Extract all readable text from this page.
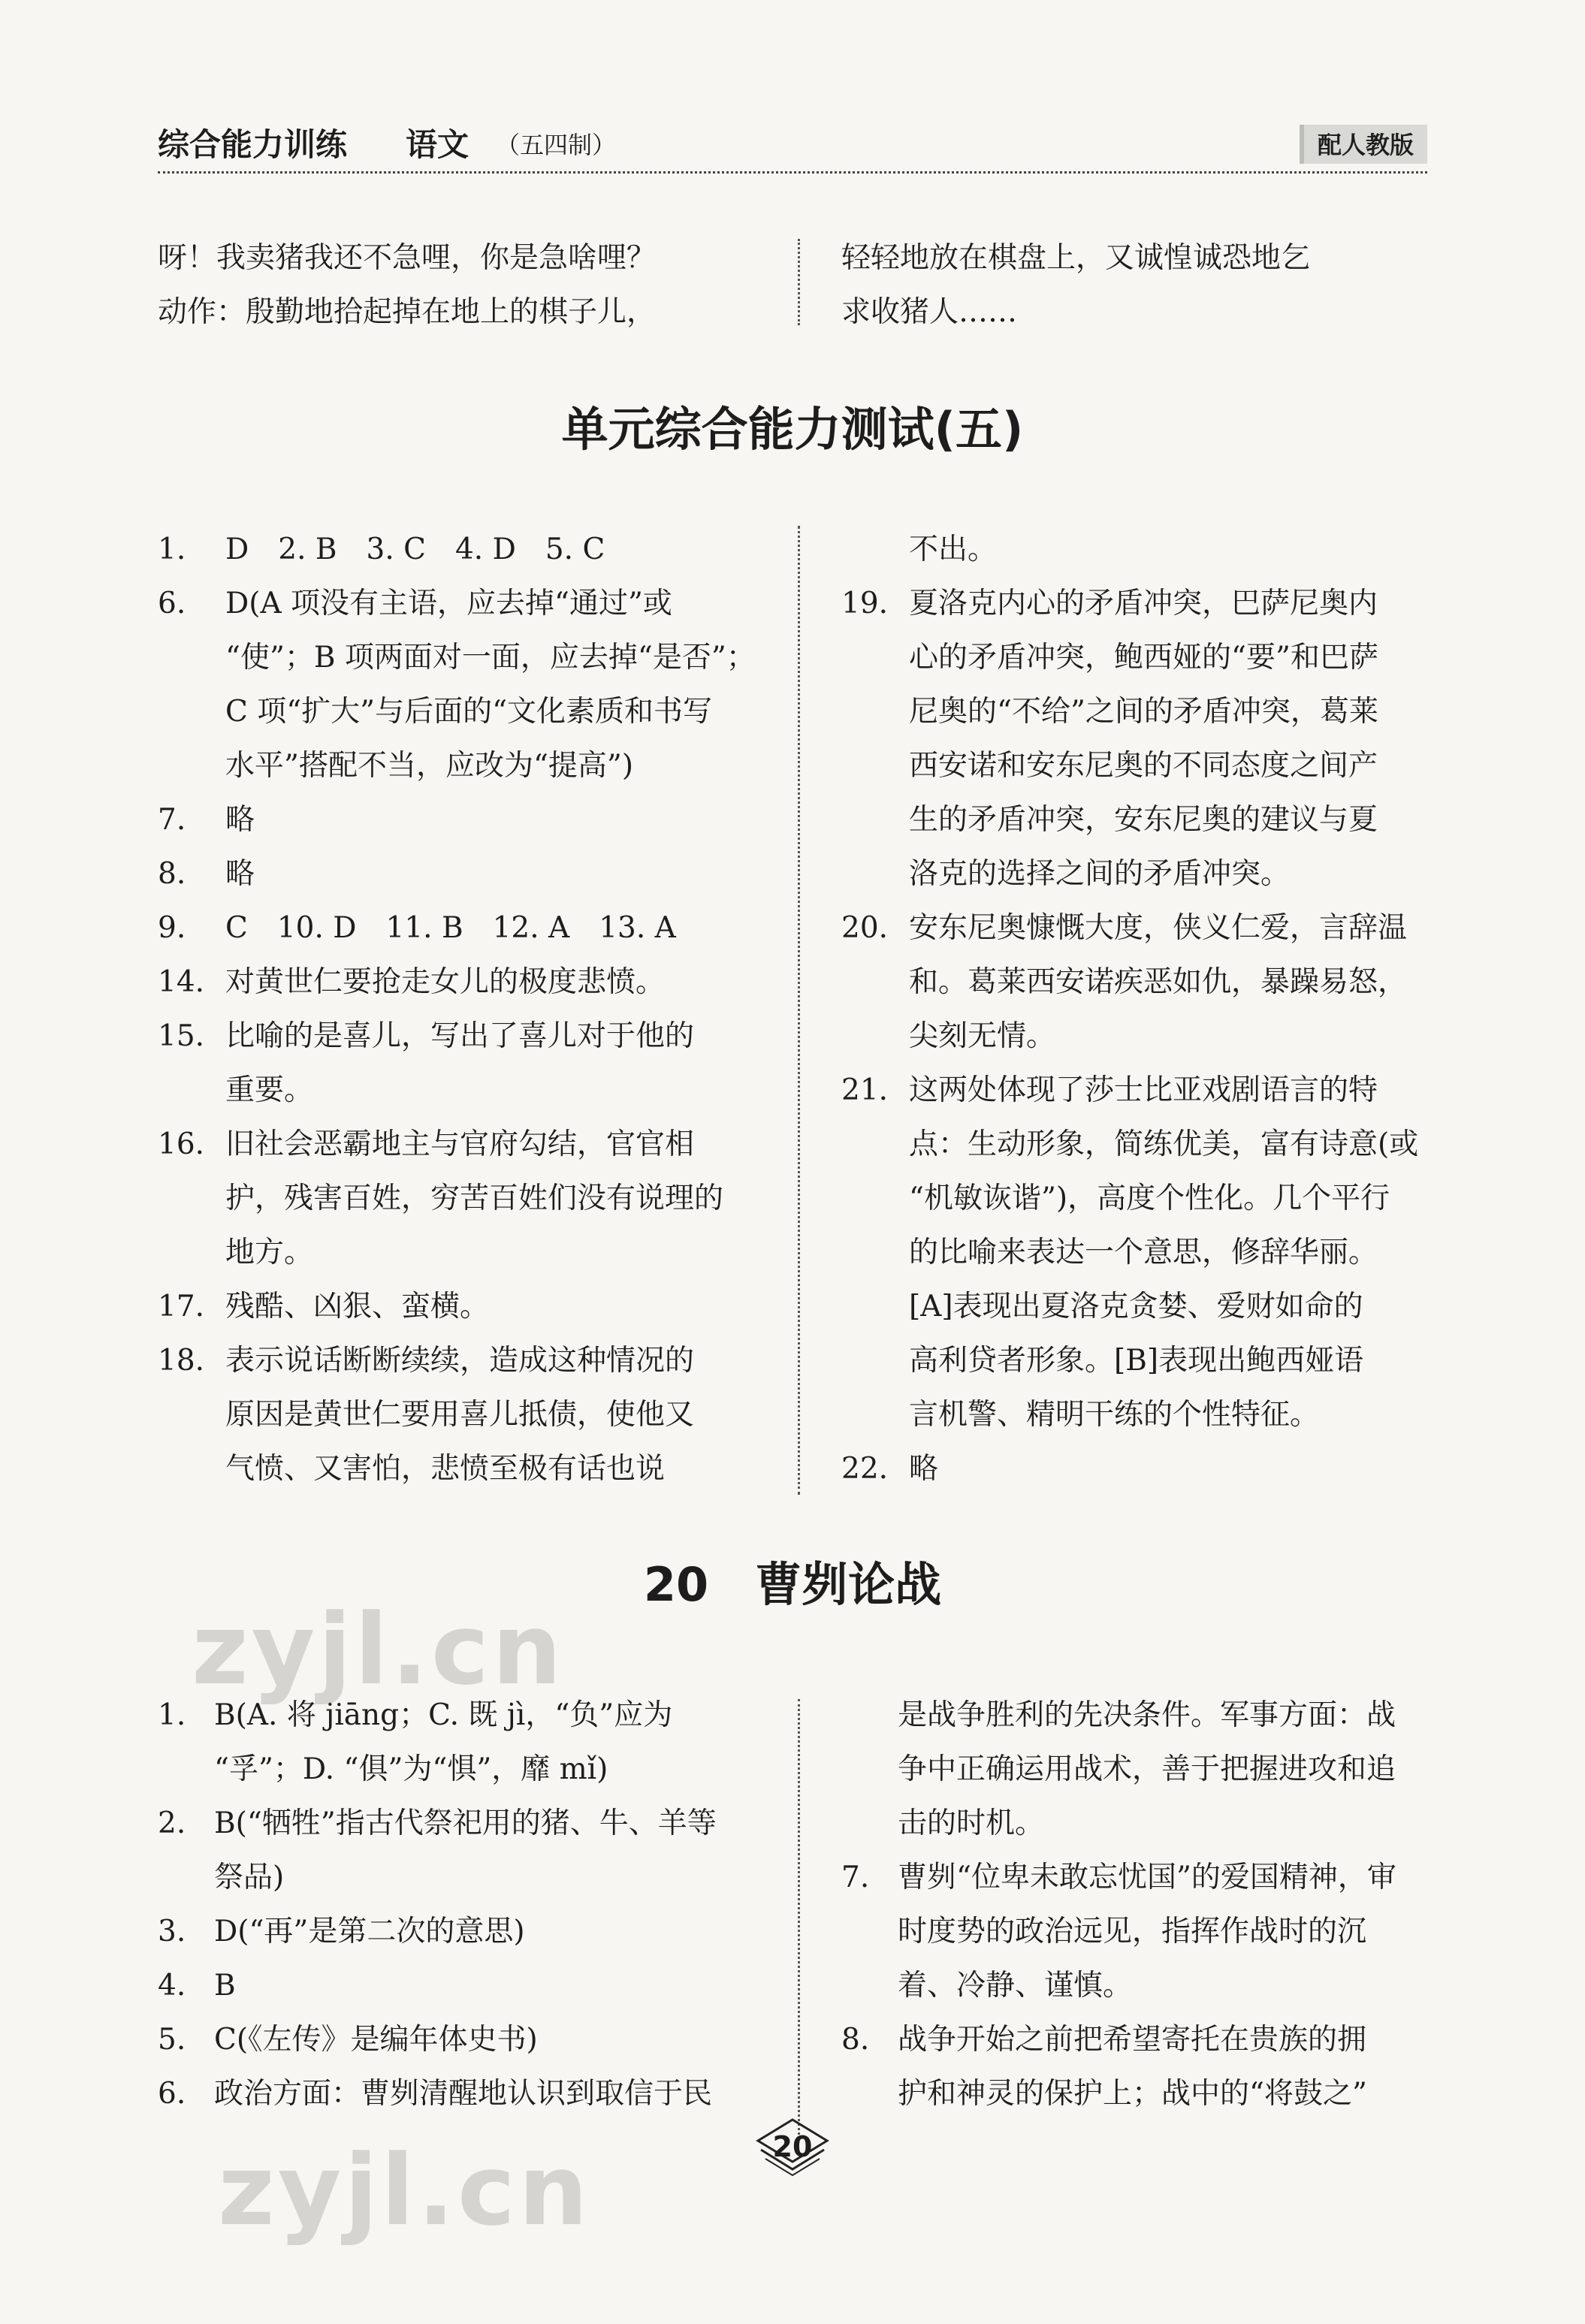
综合能力训练 语文 （五四制）	配人教版

呀！我卖猪我还不急哩，你是急啥哩？

动作：殷勤地拾起掉在地上的棋子儿，

轻轻地放在棋盘上，又诚惶诚恐地乞

求收猪人……

单元综合能力测试(五)
1.	D　2. B　3. C　4. D　5. C
6.	D(A 项没有主语，应去掉“通过”或

“使”；B 项两面对一面，应去掉“是否”；

C 项“扩大”与后面的“文化素质和书写

水平”搭配不当，应改为“提高”)

7.	略
8.	略
9.	C　10. D　11. B　12. A　13. A
14. 对黄世仁要抢走女儿的极度悲愤。
15. 比喻的是喜儿，写出了喜儿对于他的

重要。

16. 旧社会恶霸地主与官府勾结，官官相

护，残害百姓，穷苦百姓们没有说理的

地方。

17. 残酷、凶狠、蛮横。
18. 表示说话断断续续，造成这种情况的

原因是黄世仁要用喜儿抵债，使他又

气愤、又害怕，悲愤至极有话也说

不出。

19. 夏洛克内心的矛盾冲突，巴萨尼奥内

心的矛盾冲突，鲍西娅的“要”和巴萨

尼奥的“不给”之间的矛盾冲突，葛莱

西安诺和安东尼奥的不同态度之间产

生的矛盾冲突，安东尼奥的建议与夏

洛克的选择之间的矛盾冲突。

20. 安东尼奥慷慨大度，侠义仁爱，言辞温

和。葛莱西安诺疾恶如仇，暴躁易怒，

尖刻无情。

21. 这两处体现了莎士比亚戏剧语言的特

点：生动形象，简练优美，富有诗意(或

“机敏诙谐”)，高度个性化。几个平行

的比喻来表达一个意思，修辞华丽。

[A]表现出夏洛克贪婪、爱财如命的

高利贷者形象。[B]表现出鲍西娅语

言机警、精明干练的个性特征。

22. 略
20　曹刿论战
1. B(A. 将 jiāng；C. 既 jì，“负”应为

“孚”；D. “俱”为“惧”，靡 mǐ)

2. B(“牺牲”指古代祭祀用的猪、牛、羊等

祭品)

3. D(“再”是第二次的意思)
4. B
5. C(《左传》是编年体史书)
6. 政治方面：曹刿清醒地认识到取信于民

是战争胜利的先决条件。军事方面：战

争中正确运用战术，善于把握进攻和追

击的时机。

7. 曹刿“位卑未敢忘忧国”的爱国精神，审

时度势的政治远见，指挥作战时的沉

着、冷静、谨慎。

8. 战争开始之前把希望寄托在贵族的拥

护和神灵的保护上；战中的“将鼓之”

zyjl.cn
zyjl.cn	20
